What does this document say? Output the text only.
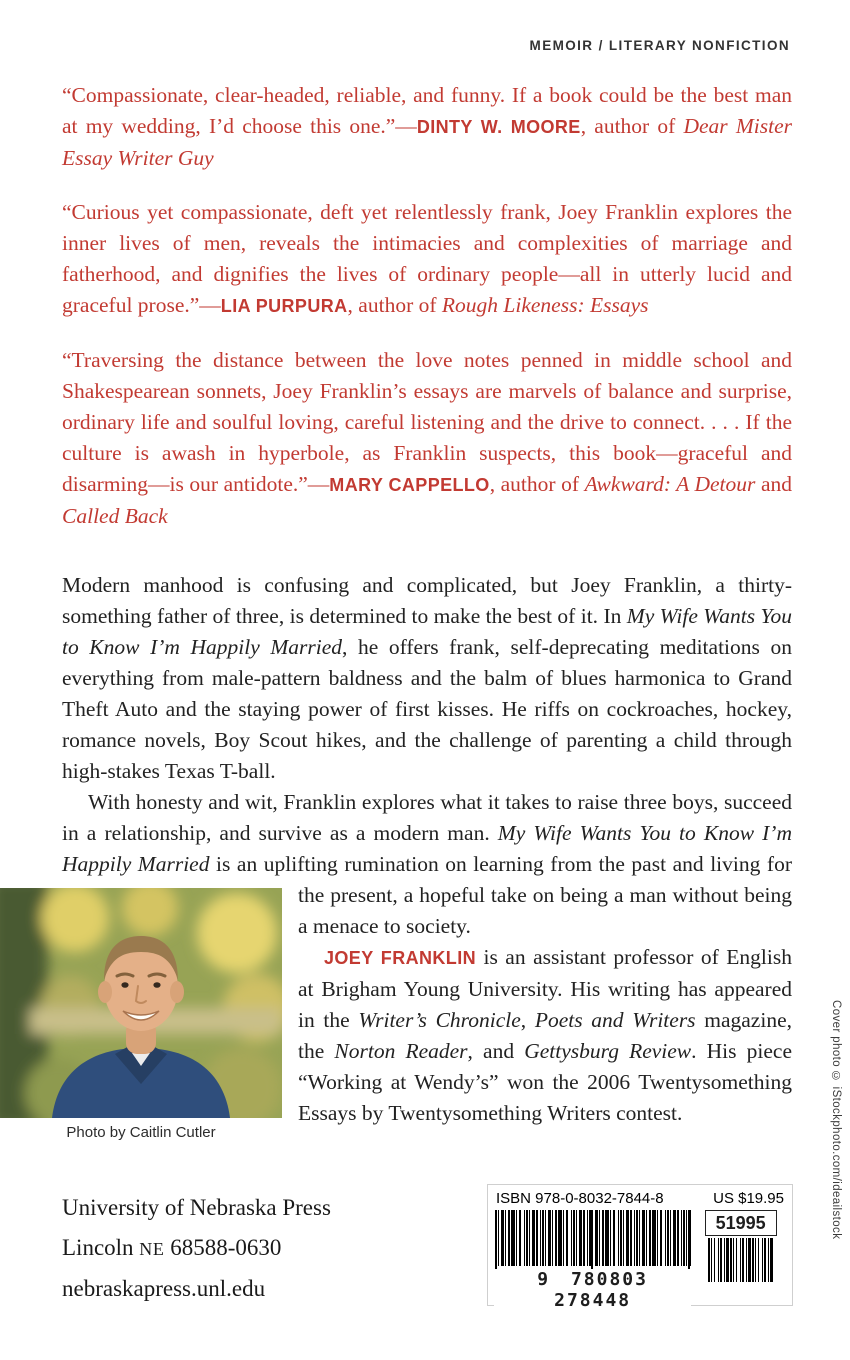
MEMOIR / LITERARY NONFICTION

“Compassionate, clear-headed, reliable, and funny. If a book could be the best man at my wedding, I’d choose this one.”—DINTY W. MOORE, author of Dear Mister Essay Writer Guy

“Curious yet compassionate, deft yet relentlessly frank, Joey Franklin explores the inner lives of men, reveals the intimacies and complexities of marriage and fatherhood, and dignifies the lives of ordinary people—all in utterly lucid and graceful prose.”—LIA PURPURA, author of Rough Likeness: Essays

“Traversing the distance between the love notes penned in middle school and Shakespearean sonnets, Joey Franklin’s essays are marvels of balance and surprise, ordinary life and soulful loving, careful listening and the drive to connect. . . . If the culture is awash in hyperbole, as Franklin suspects, this book—graceful and disarming—is our antidote.”—MARY CAPPELLO, author of Awkward: A Detour and Called Back

Modern manhood is confusing and complicated, but Joey Franklin, a thirty-something father of three, is determined to make the best of it. In My Wife Wants You to Know I’m Happily Married, he offers frank, self-deprecating meditations on everything from male-pattern baldness and the balm of blues harmonica to Grand Theft Auto and the staying power of first kisses. He riffs on cockroaches, hockey, romance novels, Boy Scout hikes, and the challenge of parenting a child through high-stakes Texas T-ball.

With honesty and wit, Franklin explores what it takes to raise three boys, succeed in a relationship, and survive as a modern man. My Wife Wants You to Know I’m Happily Married is an uplifting rumination on learning from the past
Photo by Caitlin Cutler
and living for the present, a hopeful take on being a man without being a menace to society.

JOEY FRANKLIN is an assistant professor of English at Brigham Young University. His writing has appeared in the Writer’s Chronicle, Poets and Writers magazine, the Norton Reader, and Gettysburg Review. His piece “Working at Wendy’s” won the 2006 Twentysomething Essays by Twentysomething Writers contest.	Cover photo © iStockphoto.com/ideailstock
University of Nebraska Press
Lincoln NE 68588-0630
nebraskapress.unl.edu
ISBN 978-0-8032-7844-8	US $19.95
9 780803 278448
51995
